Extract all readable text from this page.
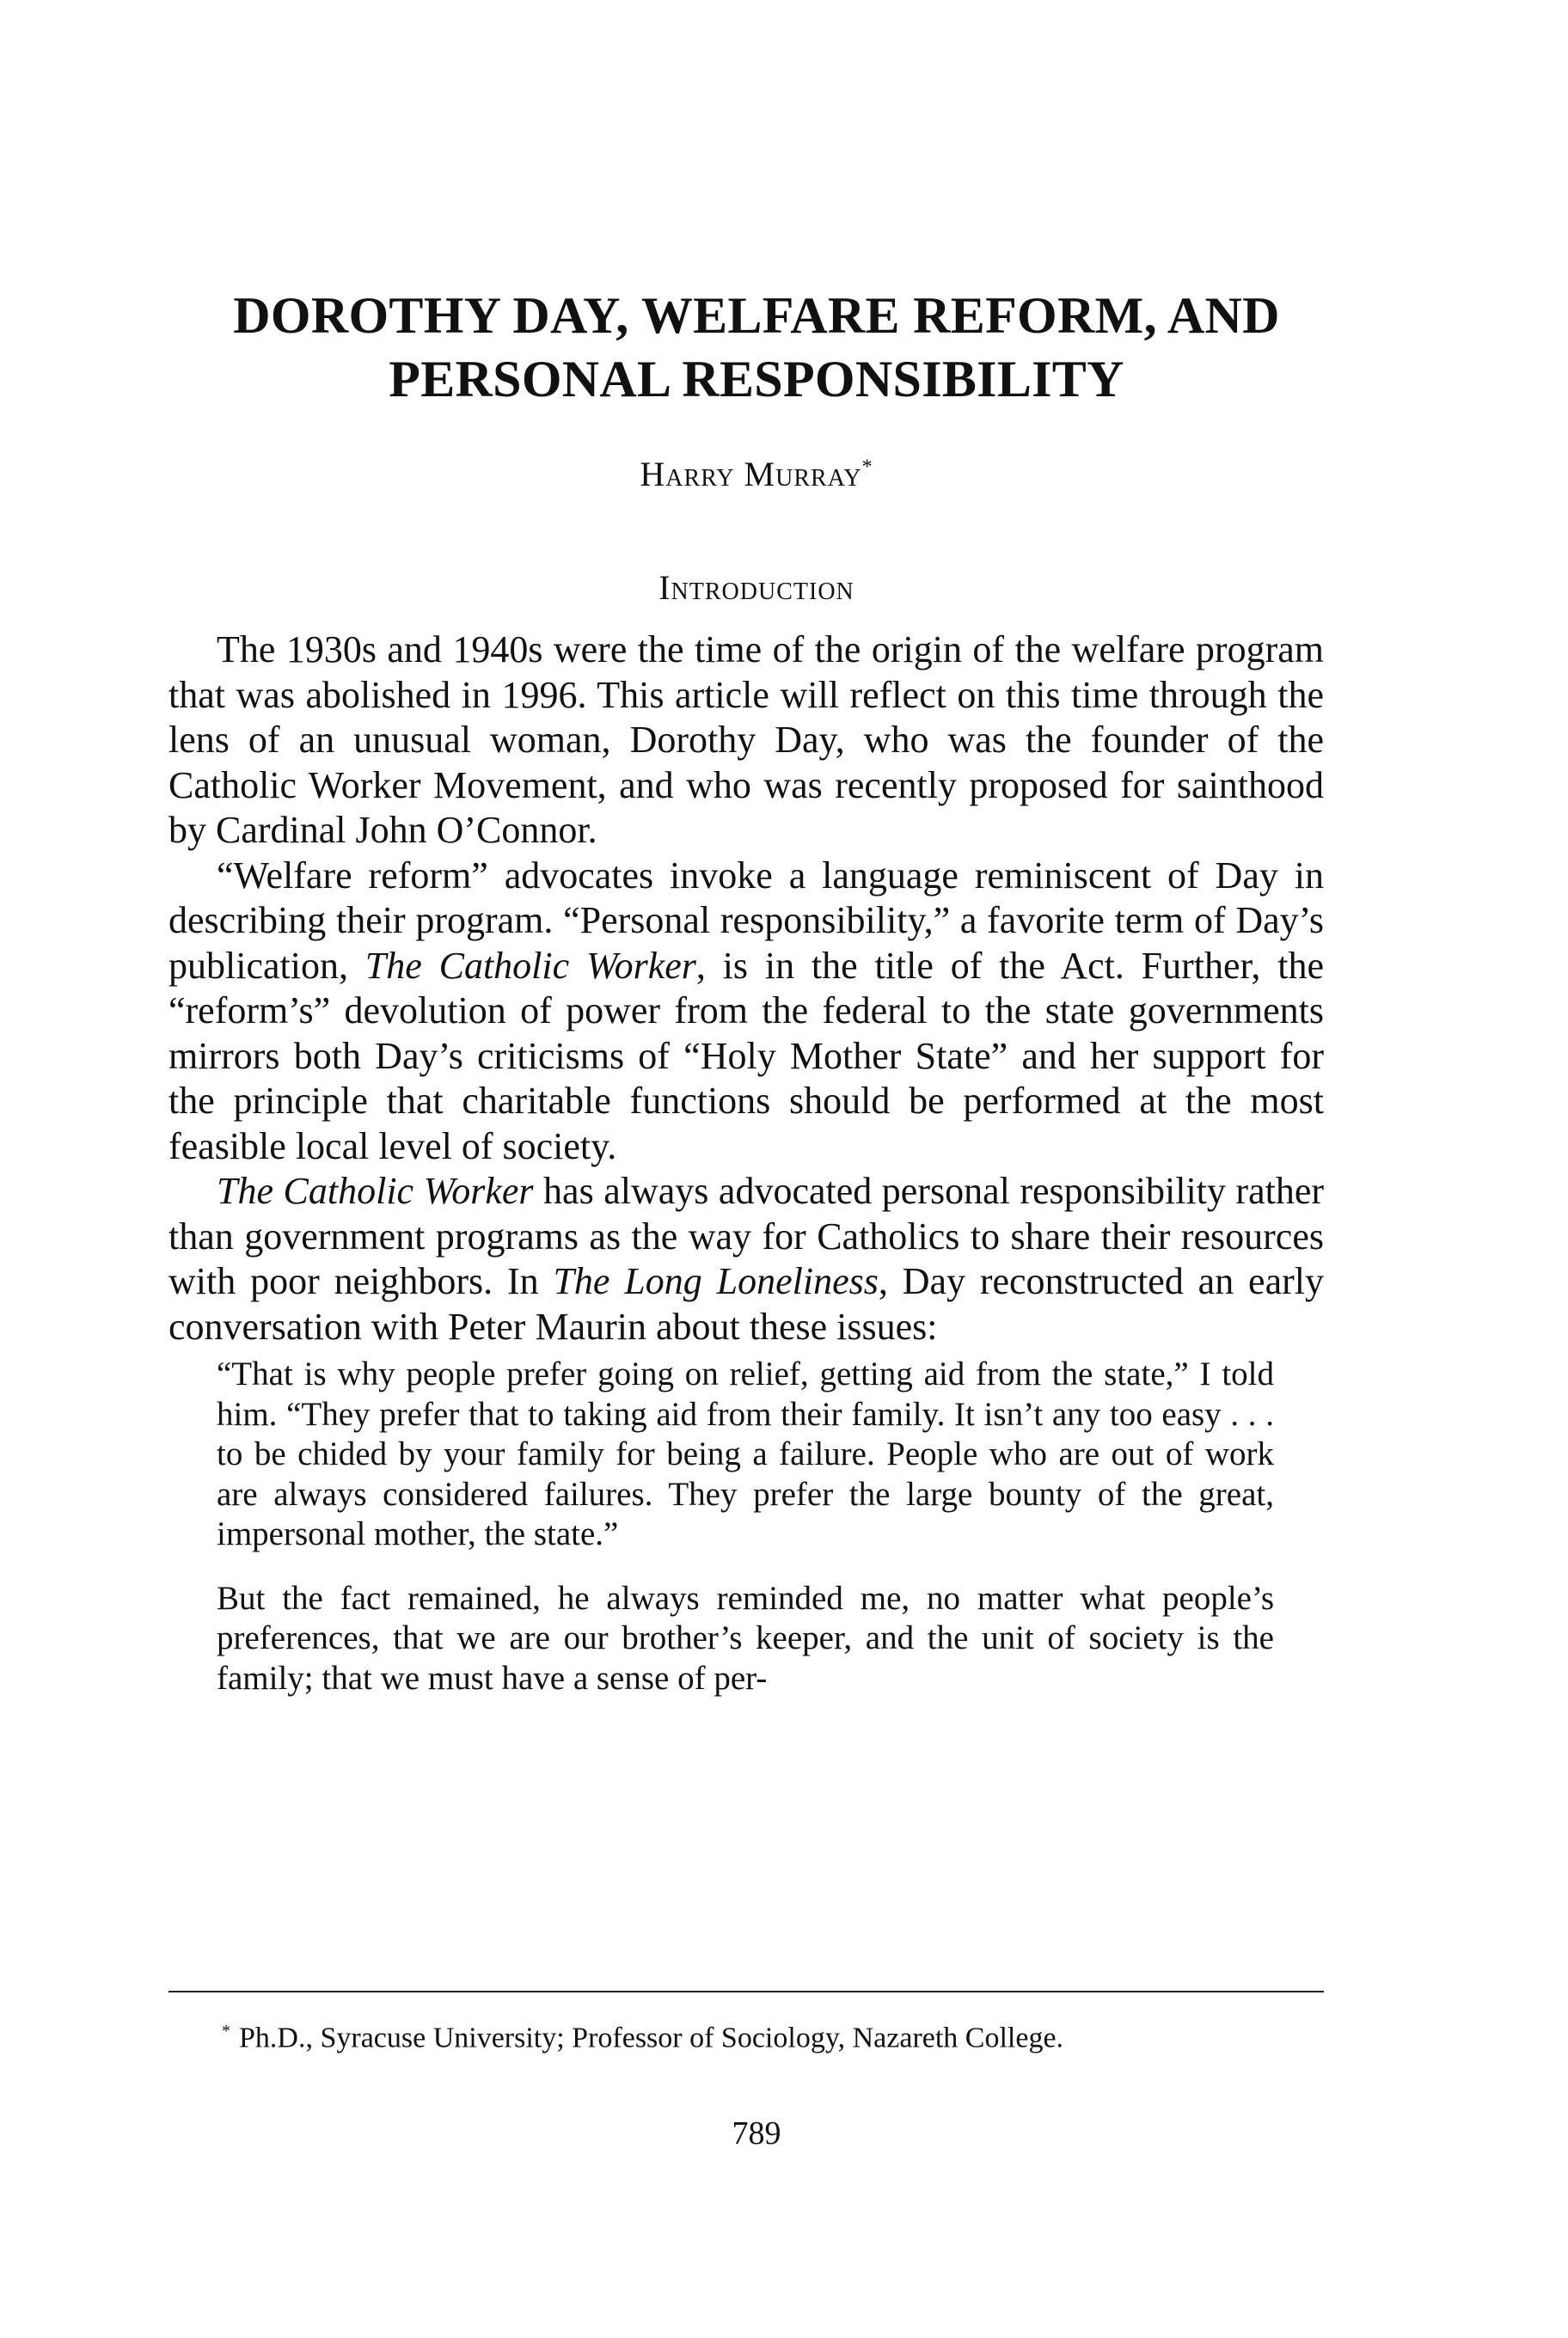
DOROTHY DAY, WELFARE REFORM, AND
PERSONAL RESPONSIBILITY
Harry Murray*
Introduction

The 1930s and 1940s were the time of the origin of the welfare program that was abolished in 1996. This article will reflect on this time through the lens of an unusual woman, Dorothy Day, who was the founder of the Catholic Worker Movement, and who was recently proposed for sainthood by Cardinal John O’Connor.

“Welfare reform” advocates invoke a language reminiscent of Day in describing their program. “Personal responsibility,” a favorite term of Day’s publication, The Catholic Worker, is in the title of the Act. Further, the “reform’s” devolution of power from the federal to the state governments mirrors both Day’s criticisms of “Holy Mother State” and her support for the principle that charitable functions should be performed at the most feasible local level of society.

The Catholic Worker has always advocated personal responsibility rather than government programs as the way for Catholics to share their resources with poor neighbors. In The Long Loneliness, Day reconstructed an early conversation with Peter Maurin about these issues:

“That is why people prefer going on relief, getting aid from the state,” I told him. “They prefer that to taking aid from their family. It isn’t any too easy . . . to be chided by your family for being a failure. People who are out of work are always considered failures. They prefer the large bounty of the great, impersonal mother, the state.”

But the fact remained, he always reminded me, no matter what people’s preferences, that we are our brother’s keeper, and the unit of society is the family; that we must have a sense of per-

* Ph.D., Syracuse University; Professor of Sociology, Nazareth College.
789
